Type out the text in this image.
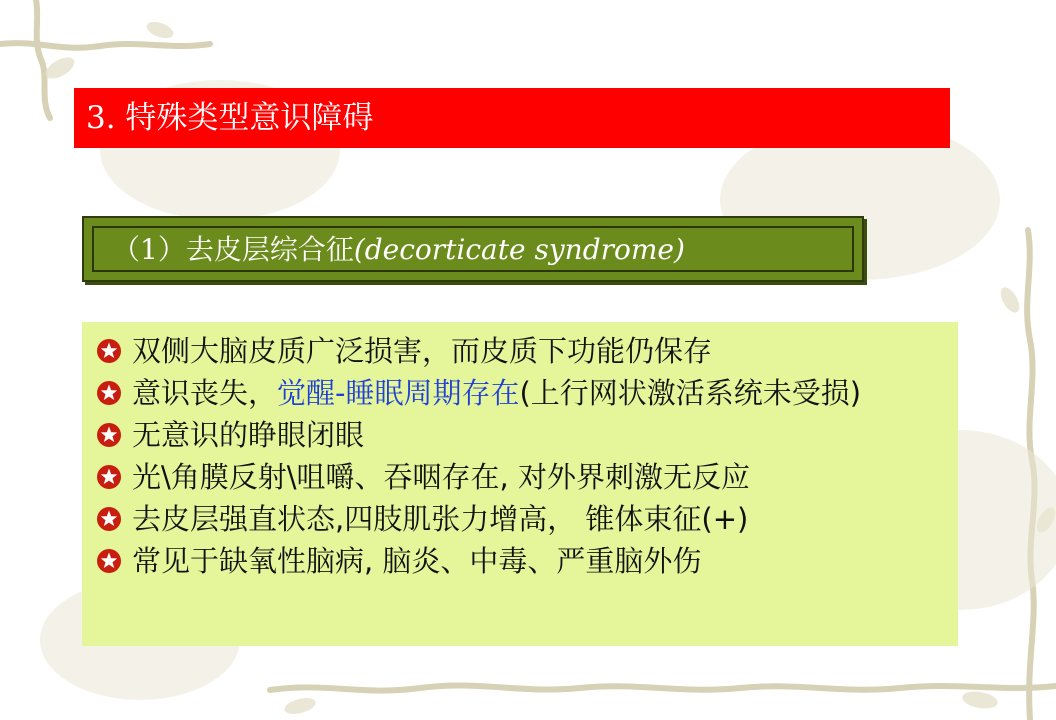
3. 特殊类型意识障碍
（1）去皮层综合征(decorticate syndrome)
双侧大脑皮质广泛损害，而皮质下功能仍保存
意识丧失，觉醒-睡眠周期存在(上行网状激活系统未受损)
无意识的睁眼闭眼
光\角膜反射\咀嚼、吞咽存在, 对外界刺激无反应
去皮层强直状态,四肢肌张力增高， 锥体束征(+)
常见于缺氧性脑病, 脑炎、中毒、严重脑外伤
